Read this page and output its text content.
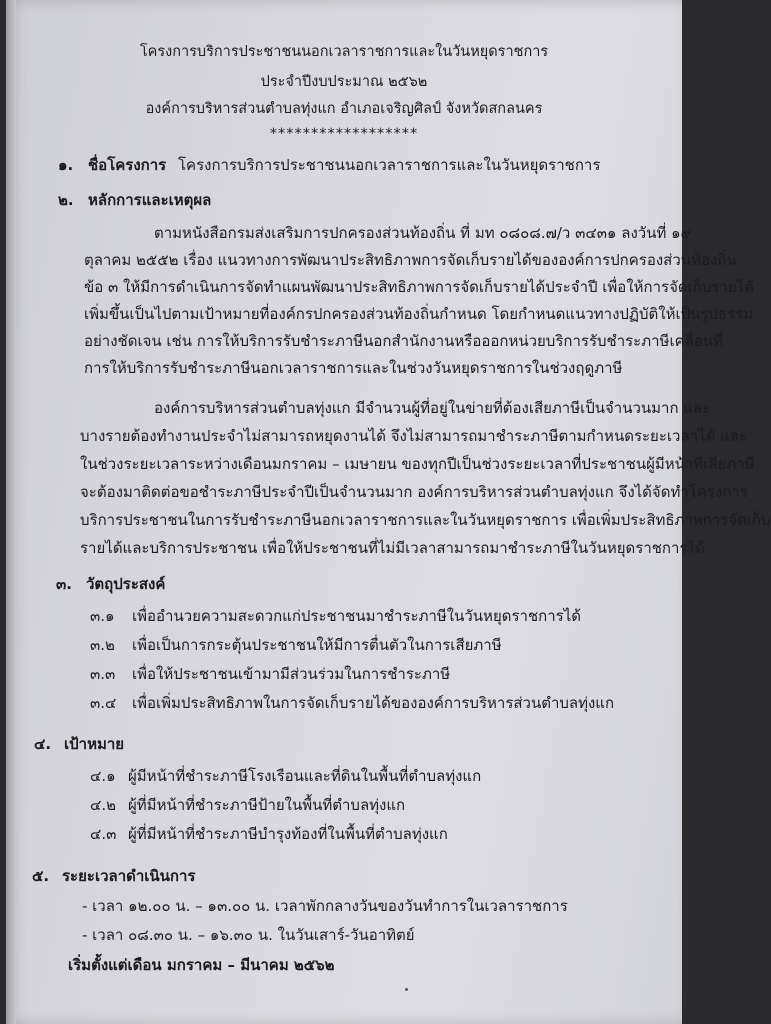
โครงการบริการประชาชนนอกเวลาราชการและในวันหยุดราชการ
ประจำปีงบประมาณ ๒๕๖๒
องค์การบริหารส่วนตำบลทุ่งแก อำเภอเจริญศิลป์ จังหวัดสกลนคร
******************
๑. ชื่อโครงการ โครงการบริการประชาชนนอกเวลาราชการและในวันหยุดราชการ
๒. หลักการและเหตุผล
ตามหนังสือกรมส่งเสริมการปกครองส่วนท้องถิ่น ที่ มท ๐๘๐๘.๗/ว ๓๔๓๑ ลงวันที่ ๑๙
ตุลาคม ๒๕๕๒ เรื่อง แนวทางการพัฒนาประสิทธิภาพการจัดเก็บรายได้ขององค์การปกครองส่วนท้องถิ่น
ข้อ ๓ ให้มีการดำเนินการจัดทำแผนพัฒนาประสิทธิภาพการจัดเก็บรายได้ประจำปี เพื่อให้การจัดเก็บรายได้
เพิ่มขึ้นเป็นไปตามเป้าหมายที่องค์กรปกครองส่วนท้องถิ่นกำหนด โดยกำหนดแนวทางปฏิบัติให้เป็นรูปธรรม
อย่างชัดเจน เช่น การให้บริการรับชำระภาษีนอกสำนักงานหรือออกหน่วยบริการรับชำระภาษีเคลื่อนที่
การให้บริการรับชำระภาษีนอกเวลาราชการและในช่วงวันหยุดราชการในช่วงฤดูภาษี
องค์การบริหารส่วนตำบลทุ่งแก มีจำนวนผู้ที่อยู่ในข่ายที่ต้องเสียภาษีเป็นจำนวนมาก และ
บางรายต้องทำงานประจำไม่สามารถหยุดงานได้ จึงไม่สามารถมาชำระภาษีตามกำหนดระยะเวลาได้ และ
ในช่วงระยะเวลาระหว่างเดือนมกราคม – เมษายน ของทุกปีเป็นช่วงระยะเวลาที่ประชาชนผู้มีหน้าที่เสียภาษี
จะต้องมาติดต่อขอชำระภาษีประจำปีเป็นจำนวนมาก องค์การบริหารส่วนตำบลทุ่งแก จึงได้จัดทำโครงการ
บริการประชาชนในการรับชำระภาษีนอกเวลาราชการและในวันหยุดราชการ เพื่อเพิ่มประสิทธิภาพการจัดเก็บ
รายได้และบริการประชาชน เพื่อให้ประชาชนที่ไม่มีเวลาสามารถมาชำระภาษีในวันหยุดราชการได้
๓. วัตถุประสงค์
๓.๑ เพื่ออำนวยความสะดวกแก่ประชาชนมาชำระภาษีในวันหยุดราชการได้
๓.๒ เพื่อเป็นการกระตุ้นประชาชนให้มีการตื่นตัวในการเสียภาษี
๓.๓ เพื่อให้ประชาชนเข้ามามีส่วนร่วมในการชำระภาษี
๓.๔ เพื่อเพิ่มประสิทธิภาพในการจัดเก็บรายได้ขององค์การบริหารส่วนตำบลทุ่งแก
๔. เป้าหมาย
๔.๑ ผู้มีหน้าที่ชำระภาษีโรงเรือนและที่ดินในพื้นที่ตำบลทุ่งแก
๔.๒ ผู้ที่มีหน้าที่ชำระภาษีป้ายในพื้นที่ตำบลทุ่งแก
๔.๓ ผู้ที่มีหน้าที่ชำระภาษีบำรุงท้องที่ในพื้นที่ตำบลทุ่งแก
๕. ระยะเวลาดำเนินการ
- เวลา ๑๒.๐๐ น. – ๑๓.๐๐ น. เวลาพักกลางวันของวันทำการในเวลาราชการ
- เวลา ๐๘.๓๐ น. – ๑๖.๓๐ น. ในวันเสาร์-วันอาทิตย์
เริ่มตั้งแต่เดือน มกราคม – มีนาคม ๒๕๖๒
